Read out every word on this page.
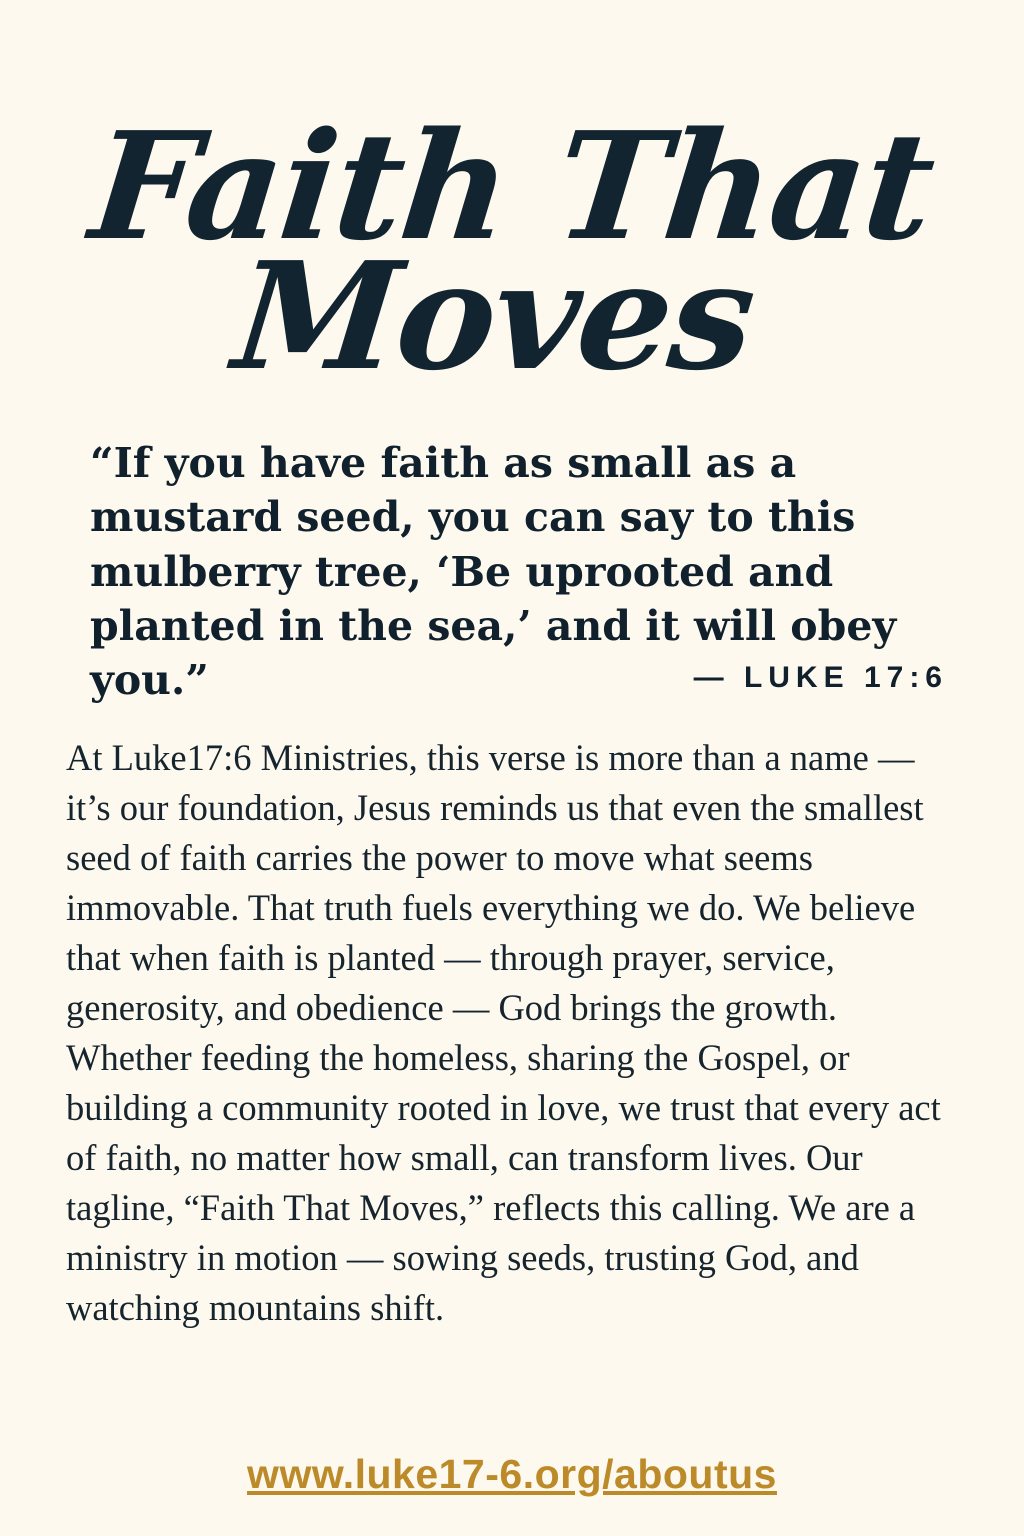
Faith That
Moves
“If you have faith as small as a mustard seed, you can say to this mulberry tree, ‘Be uprooted and planted in the sea,’ and it will obey you.”	— LUKE 17:6

At Luke17:6 Ministries, this verse is more than a name — it’s our foundation, Jesus reminds us that even the smallest seed of faith carries the power to move what seems immovable. That truth fuels everything we do. We believe that when faith is planted — through prayer, service, generosity, and obedience — God brings the growth. Whether feeding the homeless, sharing the Gospel, or building a community rooted in love, we trust that every act of faith, no matter how small, can transform lives. Our tagline, “Faith That Moves,” reflects this calling. We are a ministry in motion — sowing seeds, trusting God, and watching mountains shift.

www.luke17-6.org/aboutus
